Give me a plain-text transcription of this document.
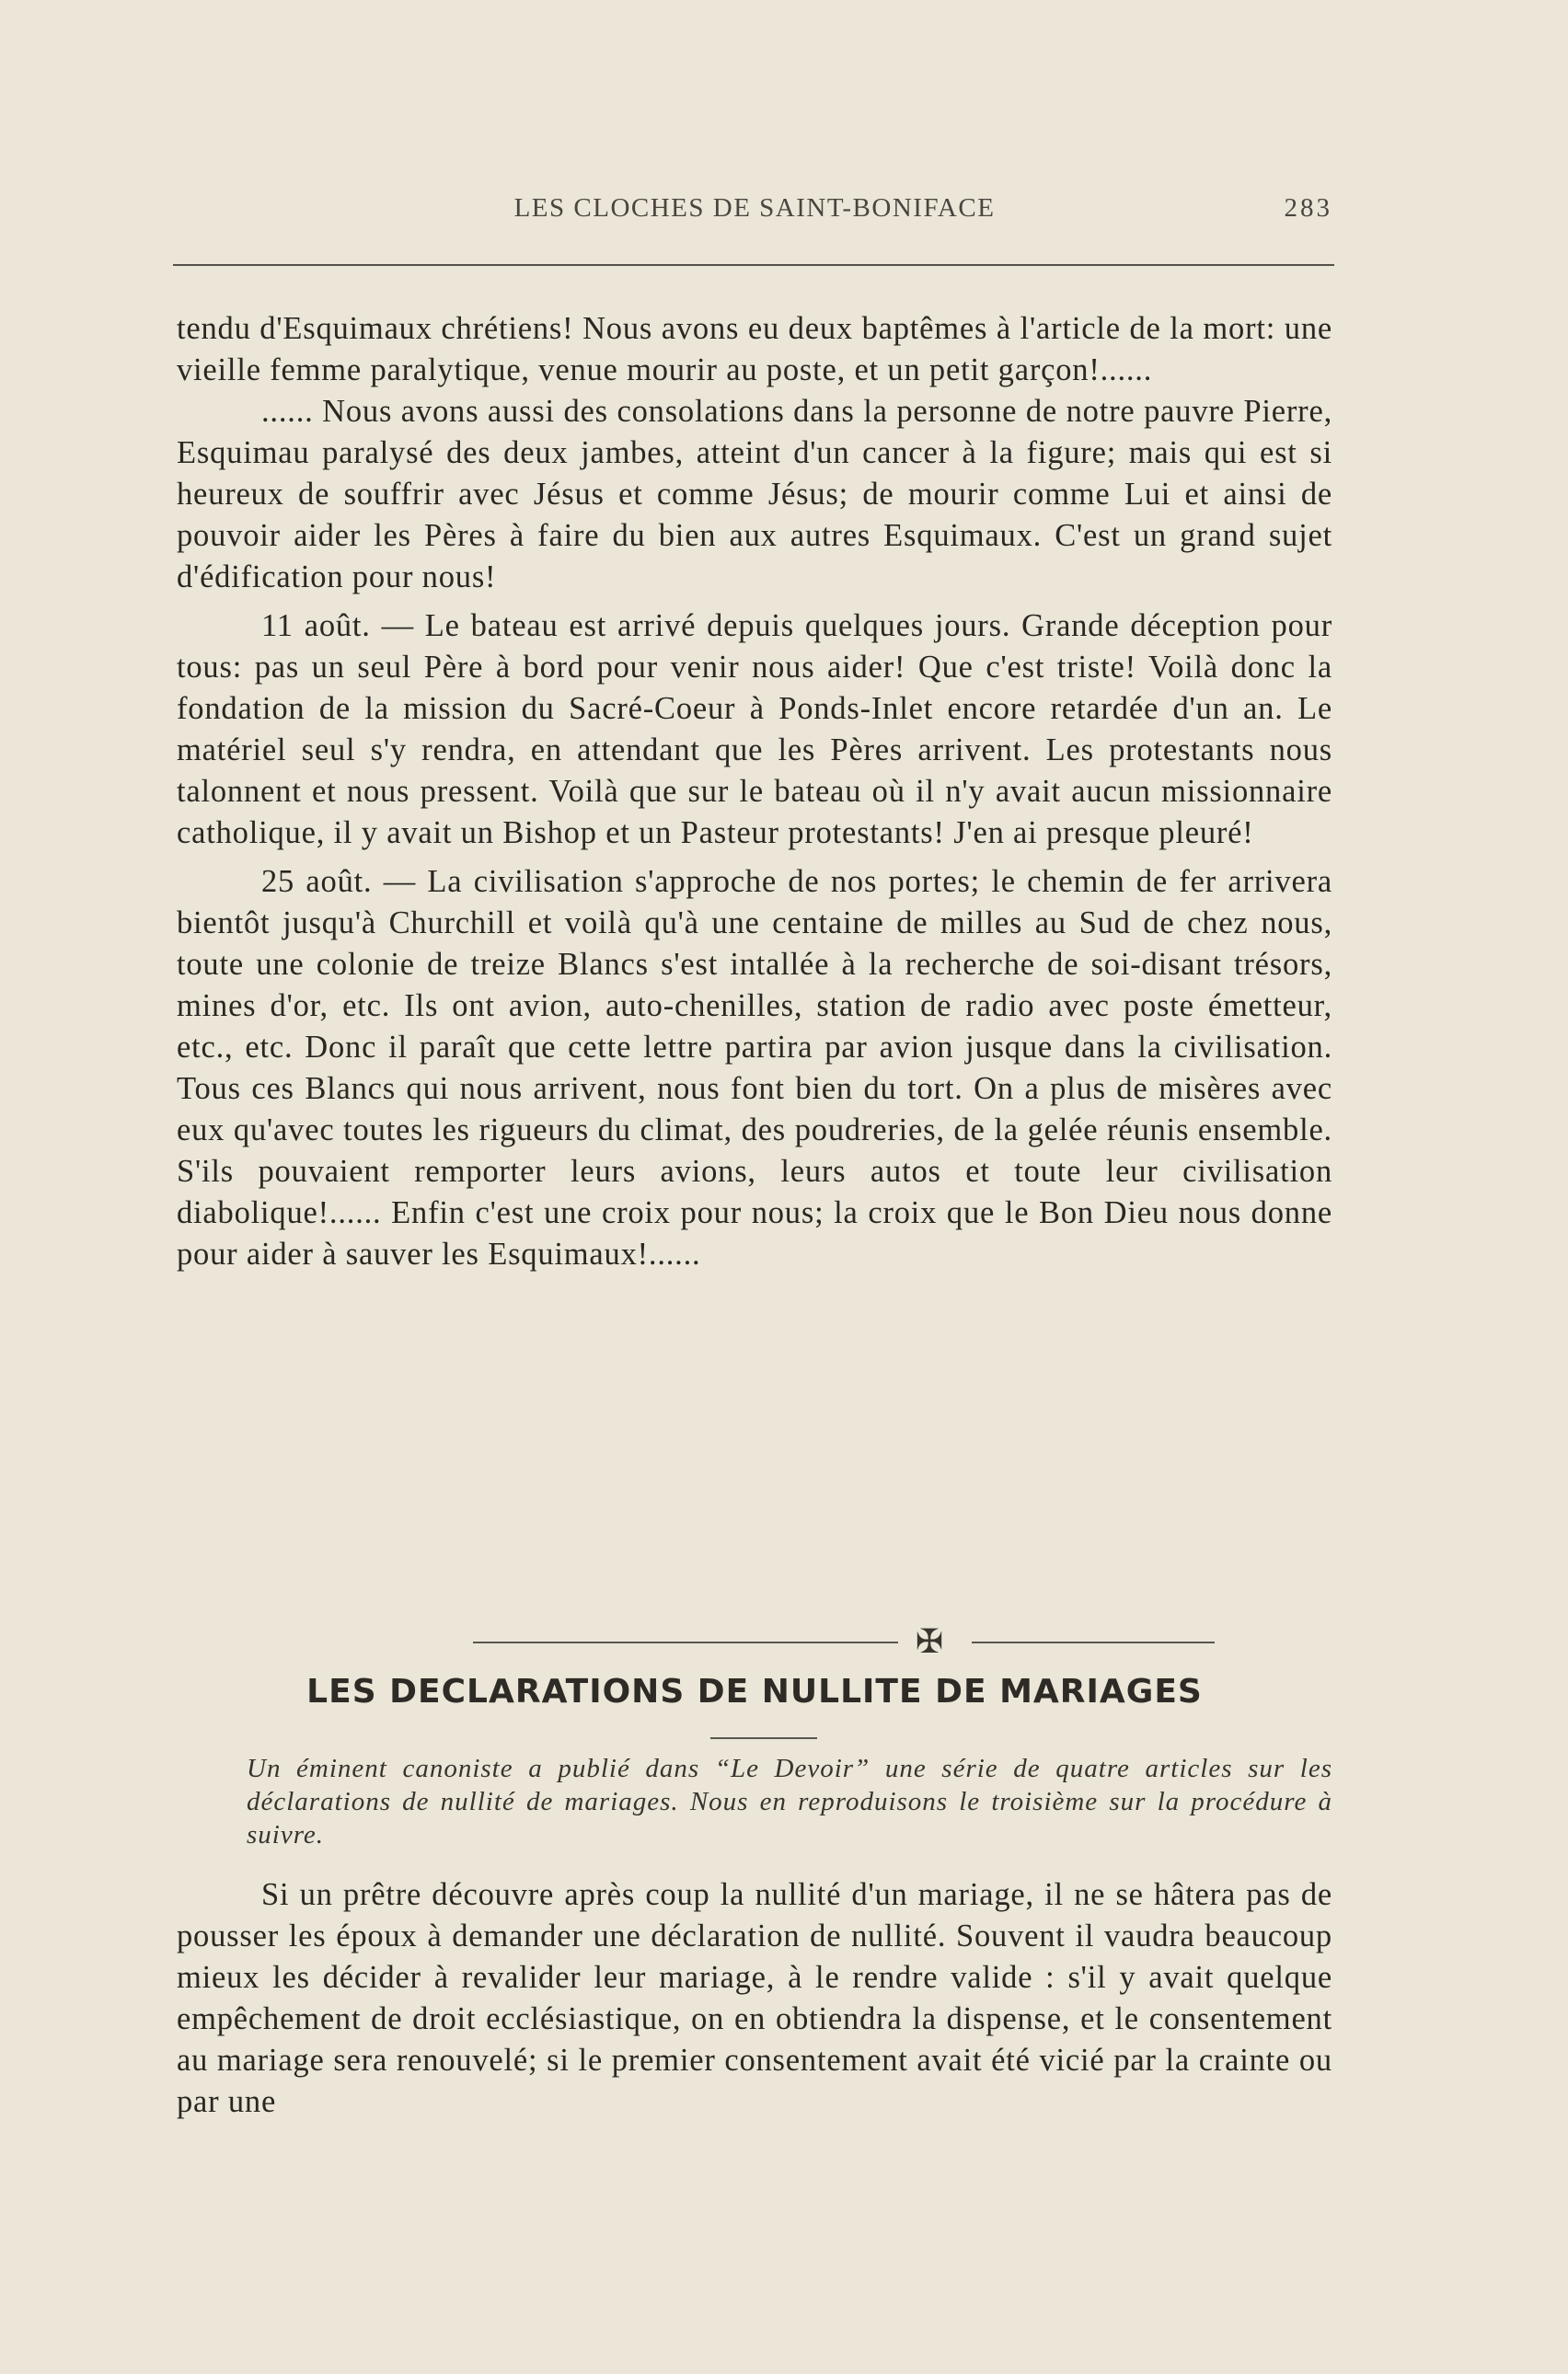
LES CLOCHES DE SAINT-BONIFACE	283

tendu d'Esquimaux chrétiens! Nous avons eu deux baptêmes à l'article de la mort: une vieille femme paralytique, venue mourir au poste, et un petit garçon!......

...... Nous avons aussi des consolations dans la personne de notre pauvre Pierre, Esquimau paralysé des deux jambes, atteint d'un cancer à la figure; mais qui est si heureux de souffrir avec Jésus et comme Jésus; de mourir comme Lui et ainsi de pouvoir aider les Pères à faire du bien aux autres Esquimaux. C'est un grand sujet d'édification pour nous!

11 août. — Le bateau est arrivé depuis quelques jours. Grande déception pour tous: pas un seul Père à bord pour venir nous aider! Que c'est triste! Voilà donc la fondation de la mission du Sacré-Coeur à Ponds-Inlet encore retardée d'un an. Le matériel seul s'y rendra, en attendant que les Pères arrivent. Les protestants nous talonnent et nous pressent. Voilà que sur le bateau où il n'y avait aucun missionnaire catholique, il y avait un Bishop et un Pasteur protestants! J'en ai presque pleuré!

25 août. — La civilisation s'approche de nos portes; le chemin de fer arrivera bientôt jusqu'à Churchill et voilà qu'à une centaine de milles au Sud de chez nous, toute une colonie de treize Blancs s'est intallée à la recherche de soi-disant trésors, mines d'or, etc. Ils ont avion, auto-chenilles, station de radio avec poste émetteur, etc., etc. Donc il paraît que cette lettre partira par avion jusque dans la civilisation. Tous ces Blancs qui nous arrivent, nous font bien du tort. On a plus de misères avec eux qu'avec toutes les rigueurs du climat, des poudreries, de la gelée réunis ensemble. S'ils pouvaient remporter leurs avions, leurs autos et toute leur civilisation diabolique!...... Enfin c'est une croix pour nous; la croix que le Bon Dieu nous donne pour aider à sauver les Esquimaux!......

✠
LES DECLARATIONS DE NULLITE DE MARIAGES

Un éminent canoniste a publié dans “Le Devoir” une série de quatre articles sur les déclarations de nullité de mariages. Nous en reproduisons le troisième sur la procédure à suivre.

Si un prêtre découvre après coup la nullité d'un mariage, il ne se hâtera pas de pousser les époux à demander une déclaration de nullité. Souvent il vaudra beaucoup mieux les décider à revalider leur mariage, à le rendre valide : s'il y avait quelque empêchement de droit ecclésiastique, on en obtiendra la dispense, et le consentement au mariage sera renouvelé; si le premier consentement avait été vicié par la crainte ou par une
